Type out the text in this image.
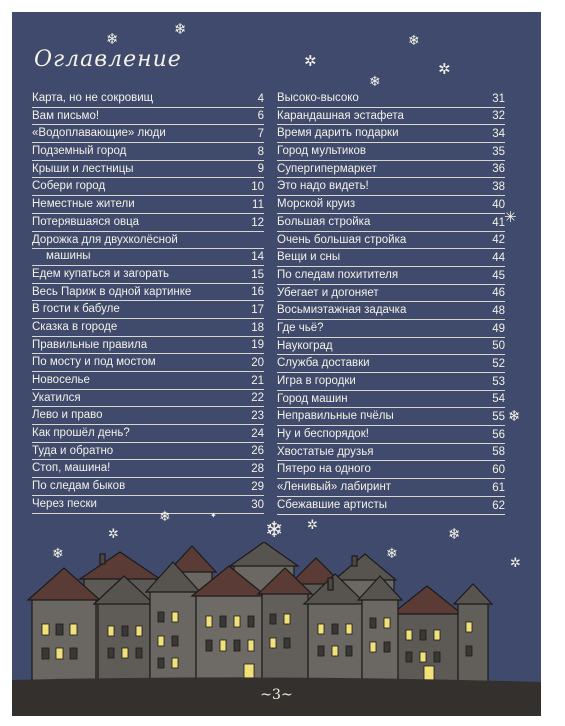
Оглавление
Карта, но не сокровищ	4
Вам письмо!	6
«Водоплавающие» люди	7
Подземный город	8
Крыши и лестницы	9
Собери город	10
Неместные жители	11
Потерявшаяся овца	12
Дорожка для двухколёсной
машины	14
Едем купаться и загорать	15
Весь Париж в одной картинке	16
В гости к бабуле	17
Сказка в городе	18
Правильные правила	19
По мосту и под мостом	20
Новоселье	21
Укатился	22
Лево и право	23
Как прошёл день?	24
Туда и обратно	26
Стоп, машина!	28
По следам быков	29
Через пески	30
Высоко-высоко	31
Карандашная эстафета	32
Время дарить подарки	34
Город мультиков	35
Супергипермаркет	36
Это надо видеть!	38
Морской круиз	40
Большая стройка	41
Очень большая стройка	42
Вещи и сны	44
По следам похитителя	45
Убегает и догоняет	46
Восьмиэтажная задачка	48
Где чьё?	49
Наукоград	50
Служба доставки	52
Игра в городки	53
Город машин	54
Неправильные пчёлы	55
Ну и беспорядок!	56
Хвостатые друзья	58
Пятеро на одного	60
«Ленивый» лабиринт	61
Сбежавшие артисты	62
❄
❄
❄
✲
❄
✲
✳
❄
❄	✦
❄ ✲
✲	❄
❄	❄
✲
~3~
